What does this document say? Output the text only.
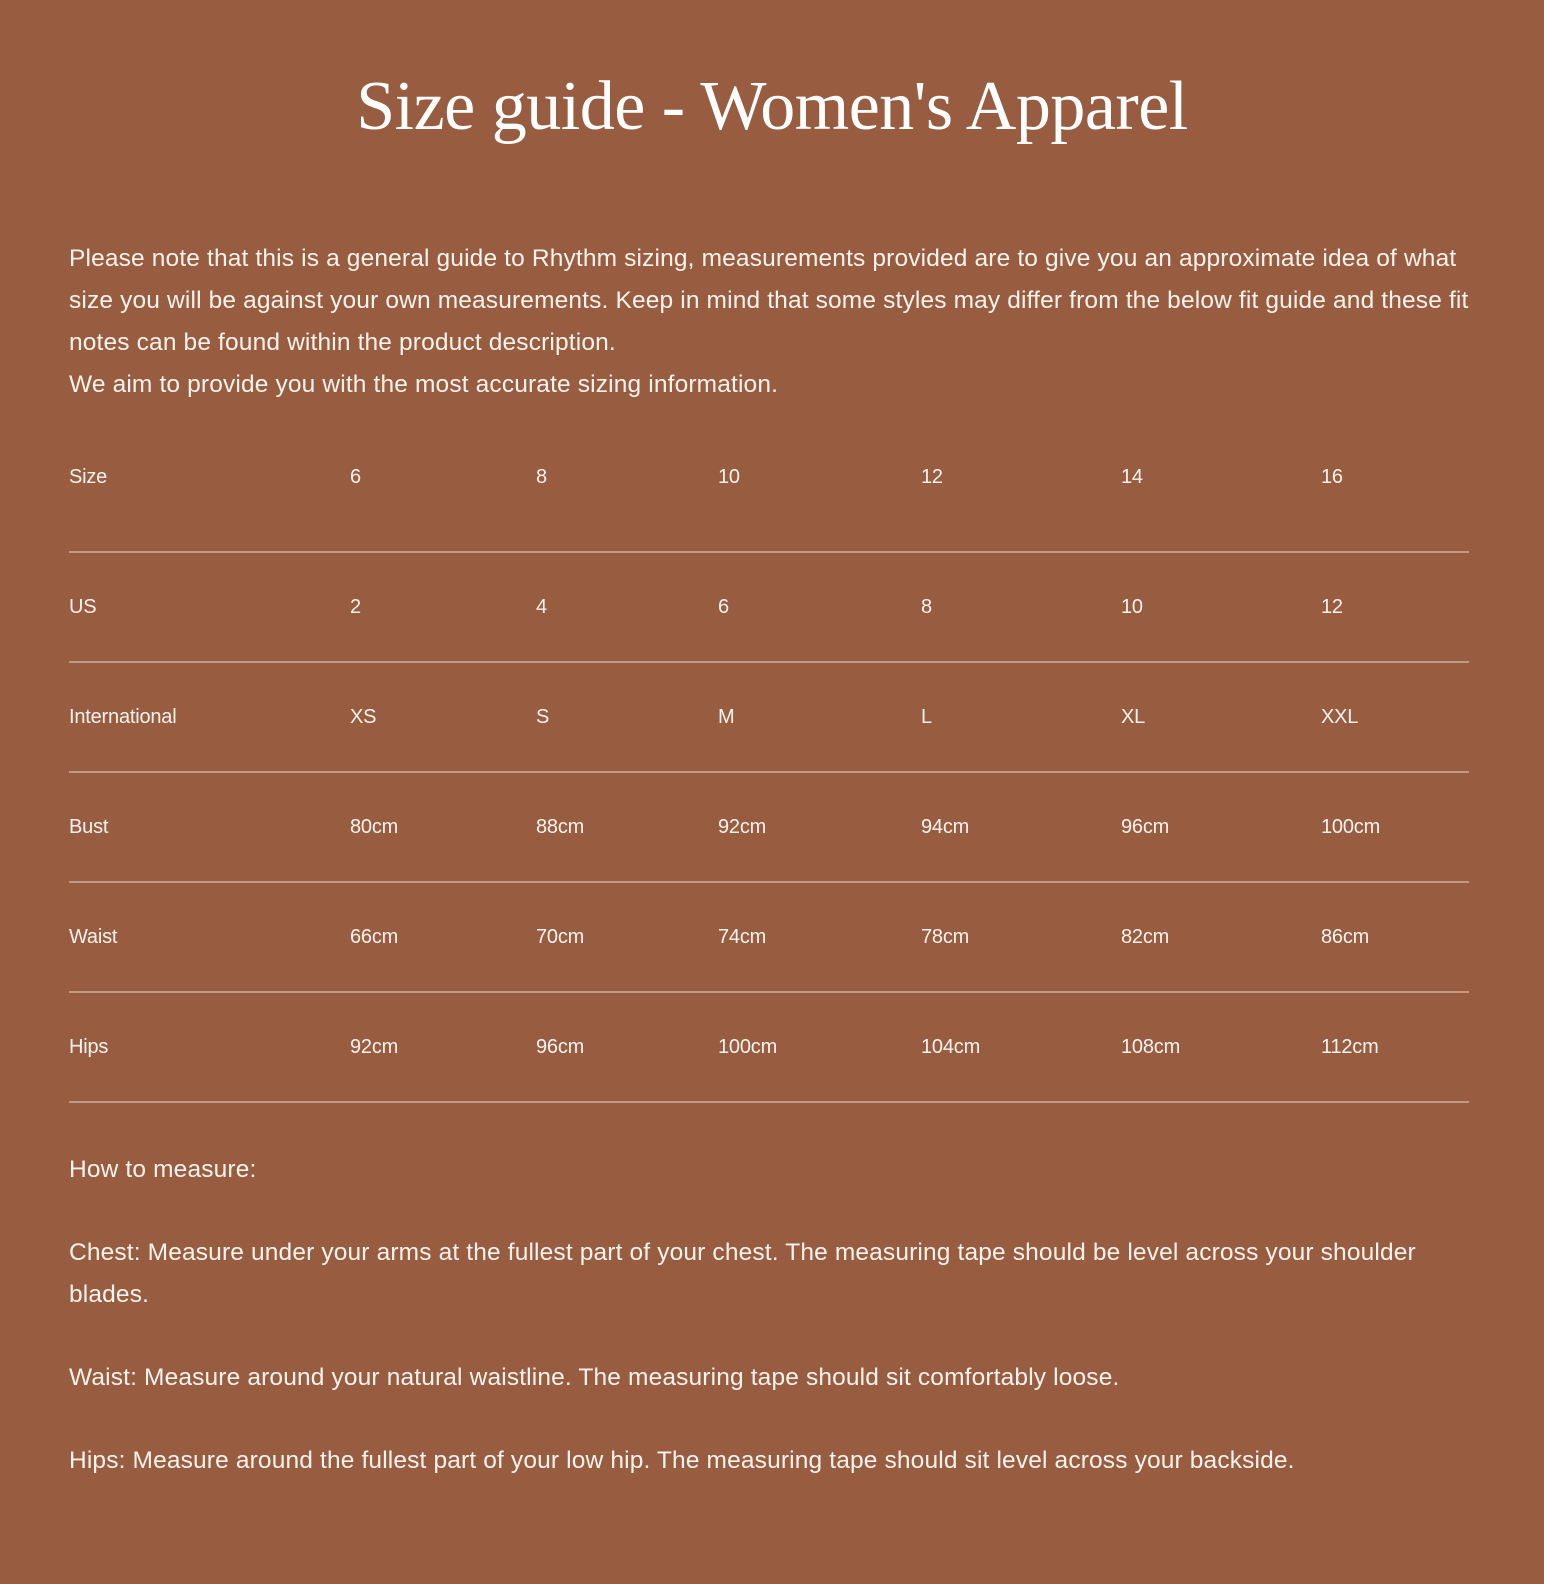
Size guide - Women's Apparel

Please note that this is a general guide to Rhythm sizing, measurements provided are to give you an approximate idea of what size you will be against your own measurements. Keep in mind that some styles may differ from the below fit guide and these fit notes can be found within the product description.

We aim to provide you with the most accurate sizing information.

Size	6	8	10	12	14	16
US	2	4	6	8	10	12
International	XS	S	M	L	XL	XXL
Bust	80cm	88cm	92cm	94cm	96cm	100cm
Waist	66cm	70cm	74cm	78cm	82cm	86cm
Hips	92cm	96cm	100cm	104cm	108cm	112cm

How to measure:

Chest: Measure under your arms at the fullest part of your chest. The measuring tape should be level across your shoulder blades.

Waist: Measure around your natural waistline. The measuring tape should sit comfortably loose.

Hips: Measure around the fullest part of your low hip. The measuring tape should sit level across your backside.
